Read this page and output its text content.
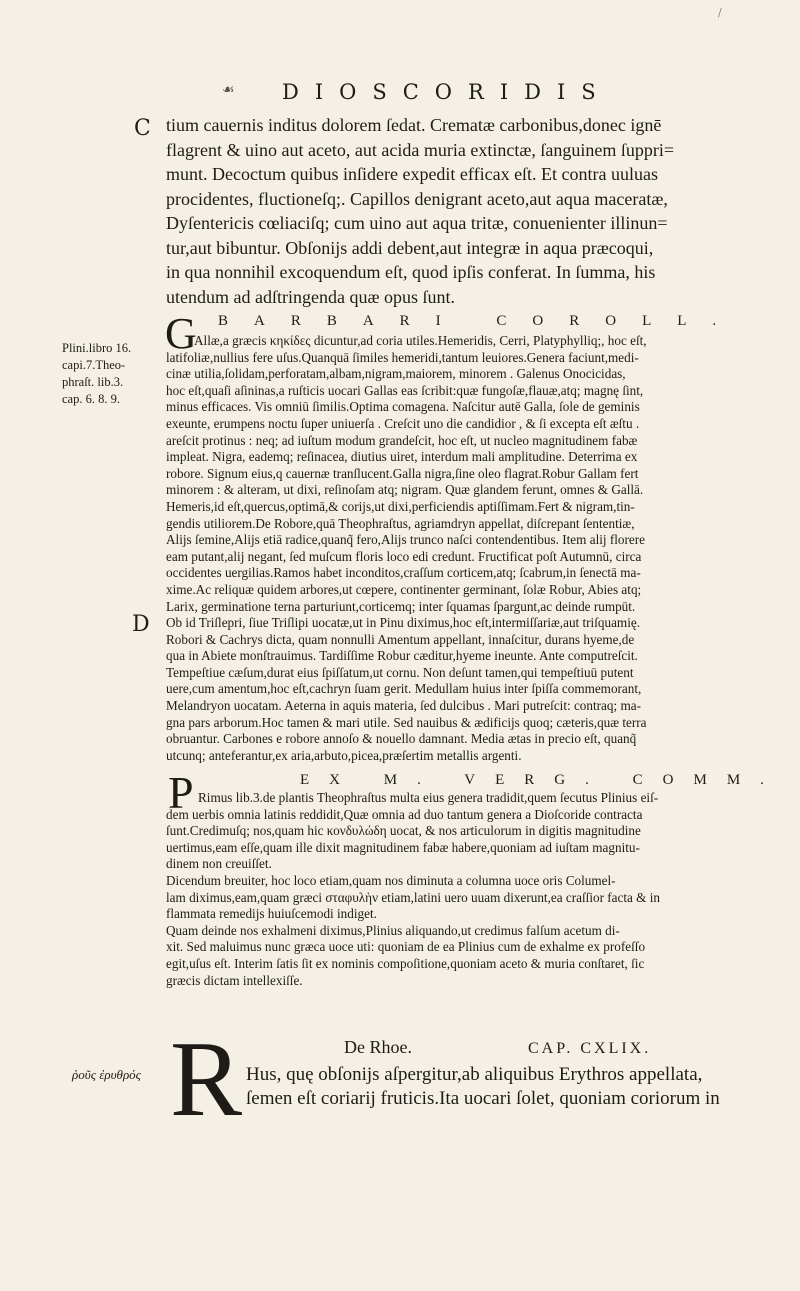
/
☙ DIOSCORIDIS
C tium cauernis inditus dolorem ſedat. Crematæ carbonibus,donec ignē
flagrent & uino aut aceto, aut acida muria extinctæ, ſanguinem ſuppri=
munt. Decoctum quibus inſidere expedit efficax eſt. Et contra uuluas
procidentes, fluctioneſq;. Capillos denigrant aceto,aut aqua maceratæ,
Dyſentericis cœliaciſq; cum uino aut aqua tritæ, conuenienter illinun=
tur,aut bibuntur. Obſonijs addi debent,aut integræ in aqua præcoqui,
in qua nonnihil excoquendum eſt, quod ipſis conferat. In ſumma, his
utendum ad adſtringenda quæ opus ſunt.
G BARBARI COROLL.
Plini.libro 16.
capi.7.Theo-
phraſt. lib.3.
cap. 6. 8. 9.
Allæ,a græcis κηκίδες dicuntur,ad coria utiles.Hemeridis, Cerri, Platyphylliq;, hoc eſt,
latifoliæ,nullius fere uſus.Quanquā ſimiles hemeridi,tantum leuiores.Genera faciunt,medi-
cinæ utilia,ſolidam,perforatam,albam,nigram,maiorem, minorem . Galenus Onocicidas,
hoc eſt,quaſi aſininas,a ruſticis uocari Gallas eas ſcribit:quæ fungoſæ,flauæ,atq; magnę ſint,
minus efficaces. Vis omniū ſimilis.Optima comagena. Naſcitur autē Galla, ſole de geminis
exeunte, erumpens noctu ſuper uniuerſa . Creſcit uno die candidior , & ſi excepta eſt æſtu .
areſcit protinus : neq; ad iuſtum modum grandeſcit, hoc eſt, ut nucleo magnitudinem fabæ
impleat. Nigra, eademq; reſinacea, diutius uiret, interdum mali amplitudine. Deterrima ex
robore. Signum eius,q cauernæ tranſlucent.Galla nigra,ſine oleo flagrat.Robur Gallam fert
minorem : & alteram, ut dixi, reſinoſam atq; nigram. Quæ glandem ferunt, omnes & Gallā.
Hemeris,id eſt,quercus,optimā,& corijs,ut dixi,perficiendis aptiſſimam.Fert & nigram,tin-
gendis utiliorem.De Robore,quā Theophraſtus, agriamdryn appellat, diſcrepant ſententiæ,
Alijs ſemine,Alijs etiā radice,quanq̃ fero,Alijs trunco naſci contendentibus. Item alij florere
eam putant,alij negant, ſed muſcum floris loco edi credunt. Fructificat poſt Autumnū, circa
occidentes uergilias.Ramos habet inconditos,craſſum corticem,atq; ſcabrum,in ſenectā ma-
xime.Ac reliquæ quidem arbores,ut cœpere, continenter germinant, ſolæ Robur, Abies atq;
Larix, germinatione terna parturiunt,corticemq; inter ſquamas ſpargunt,ac deinde rumpūt.
Ob id Triſlepri, ſiue Triſlipi uocatæ,ut in Pinu diximus,hoc eſt,intermiſſariæ,aut triſquamię.
Robori & Cachrys dicta, quam nonnulli Amentum appellant, innaſcitur, durans hyeme,de
qua in Abiete monſtrauimus. Tardiſſime Robur cæditur,hyeme ineunte. Ante computreſcit.
Tempeſtiue cæſum,durat eius ſpiſſatum,ut cornu. Non deſunt tamen,qui tempeſtiuū putent
uere,cum amentum,hoc eſt,cachryn ſuam gerit. Medullam huius inter ſpiſſa commemorant,
Melandryon uocatam. Aeterna in aquis materia, ſed dulcibus . Mari putreſcit: contraq; ma-
gna pars arborum.Hoc tamen & mari utile. Sed nauibus & ædificijs quoq; cæteris,quæ terra
obruantur. Carbones e robore annoſo & nouello damnant. Media ætas in precio eſt, quanq̃
utcunq; anteferantur,ex aria,arbuto,picea,præſertim metallis argenti.
D
P	EX M. VERG. COMM.
Rimus lib.3.de plantis Theophraſtus multa eius genera tradidit,quem ſecutus Plinius eiſ-
dem uerbis omnia latinis reddidit,Quæ omnia ad duo tantum genera a Dioſcoride contracta
ſunt.Credimuſq; nos,quam hic κονδυλώδη uocat, & nos articulorum in digitis magnitudine
uertimus,eam eſſe,quam ille dixit magnitudinem fabæ habere,quoniam ad iuſtam magnitu-
dinem non creuiſſet.
Dicendum breuiter, hoc loco etiam,quam nos diminuta a columna uoce oris Columel-
lam diximus,eam,quam græci σταφυλὴν etiam,latini uero uuam dixerunt,ea craſſior facta & in
flammata remedijs huiuſcemodi indiget.
Quam deinde nos exhalmeni diximus,Plinius aliquando,ut credimus falſum acetum di-
xit. Sed maluimus nunc græca uoce uti: quoniam de ea Plinius cum de exhalme ex profeſſo
egit,uſus eſt. Interim ſatis ſit ex nominis compoſitione,quoniam aceto & muria conſtaret, ſic
græcis dictam intellexiſſe.
R	De Rhoe.	CAP. CXLIX.
ῥοῦς ἐρυθρός	Hus, quę obſonijs aſpergitur,ab aliquibus Erythros appellata,
ſemen eſt coriarij fruticis.Ita uocari ſolet, quoniam coriorum in
